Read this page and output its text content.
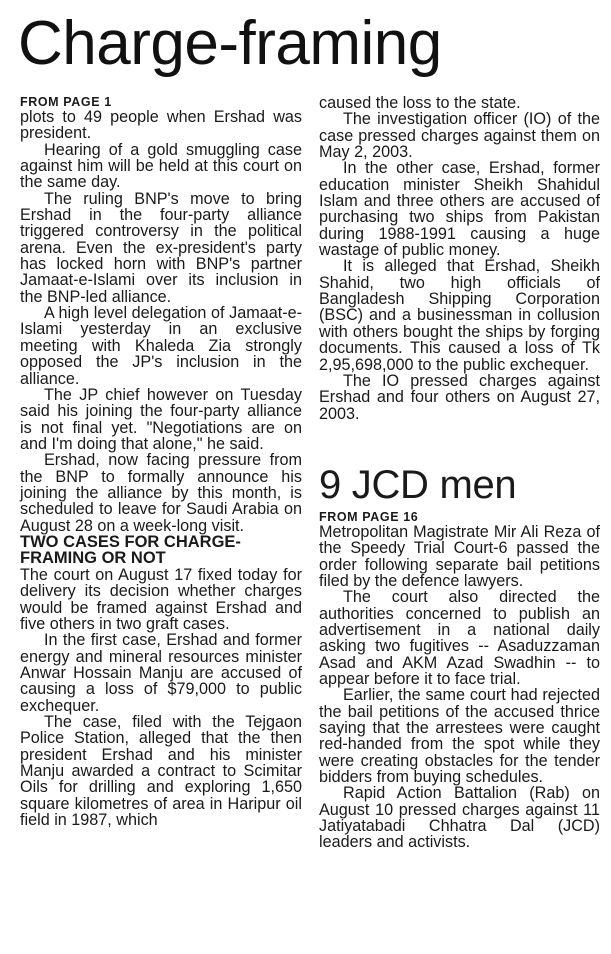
Charge-framing
FROM PAGE 1

plots to 49 people when Ershad was president.

Hearing of a gold smuggling case against him will be held at this court on the same day.

The ruling BNP's move to bring Ershad in the four-party alliance triggered controversy in the political arena. Even the ex-president's party has locked horn with BNP's partner Jamaat-e-Islami over its inclusion in the BNP-led alliance.

A high level delegation of Jamaat-e-Islami yesterday in an exclusive meeting with Khaleda Zia strongly opposed the JP's inclusion in the alliance.

The JP chief however on Tuesday said his joining the four-party alliance is not final yet. "Negotiations are on and I'm doing that alone," he said.

Ershad, now facing pressure from the BNP to formally announce his joining the alliance by this month, is scheduled to leave for Saudi Arabia on August 28 on a week-long visit.

TWO CASES FOR CHARGE-FRAMING OR NOT

The court on August 17 fixed today for delivery its decision whether charges would be framed against Ershad and five others in two graft cases.

In the first case, Ershad and former energy and mineral resources minister Anwar Hossain Manju are accused of causing a loss of $79,000 to public exchequer.

The case, filed with the Tejgaon Police Station, alleged that the then president Ershad and his minister Manju awarded a contract to Scimitar Oils for drilling and exploring 1,650 square kilometres of area in Haripur oil field in 1987, which

caused the loss to the state.

The investigation officer (IO) of the case pressed charges against them on May 2, 2003.

In the other case, Ershad, former education minister Sheikh Shahidul Islam and three others are accused of purchasing two ships from Pakistan during 1988-1991 causing a huge wastage of public money.

It is alleged that Ershad, Sheikh Shahid, two high officials of Bangladesh Shipping Corporation (BSC) and a businessman in collusion with others bought the ships by forging documents. This caused a loss of Tk 2,95,698,000 to the public exchequer.

The IO pressed charges against Ershad and four others on August 27, 2003.

9 JCD men
FROM PAGE 16

Metropolitan Magistrate Mir Ali Reza of the Speedy Trial Court-6 passed the order following separate bail petitions filed by the defence lawyers.

The court also directed the authorities concerned to publish an advertisement in a national daily asking two fugitives -- Asaduzzaman Asad and AKM Azad Swadhin -- to appear before it to face trial.

Earlier, the same court had rejected the bail petitions of the accused thrice saying that the arrestees were caught red-handed from the spot while they were creating obstacles for the tender bidders from buying schedules.

Rapid Action Battalion (Rab) on August 10 pressed charges against 11 Jatiyatabadi Chhatra Dal (JCD) leaders and activists.
